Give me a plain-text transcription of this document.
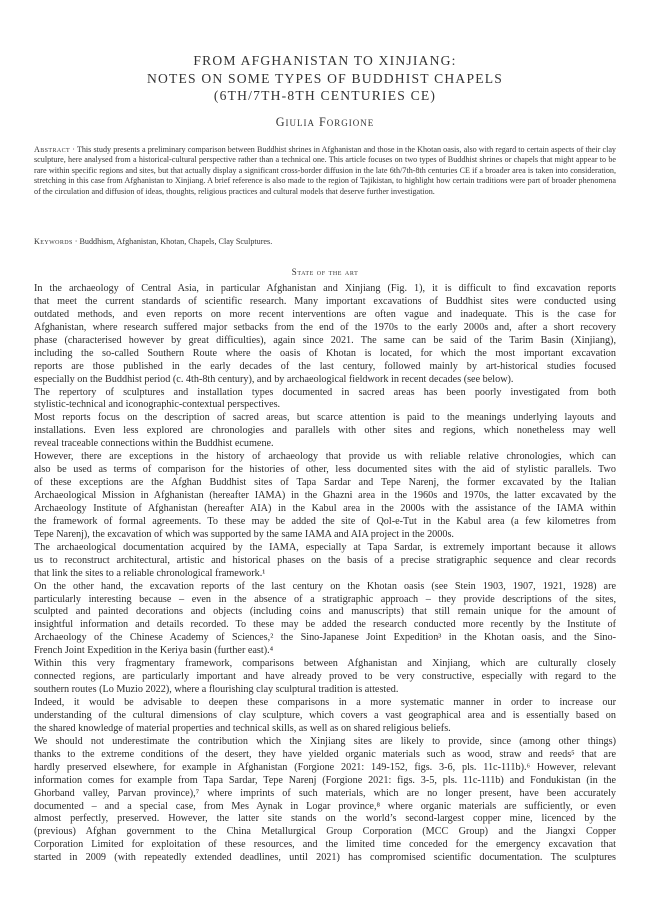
FROM AFGHANISTAN TO XINJIANG:
NOTES ON SOME TYPES OF BUDDHIST CHAPELS
(6TH/7TH-8TH CENTURIES CE)
Giulia Forgione
Abstract · This study presents a preliminary comparison between Buddhist shrines in Afghanistan and those in the Khotan oasis, also with regard to certain aspects of their clay sculpture, here analysed from a historical-cultural perspective rather than a technical one. This article focuses on two types of Buddhist shrines or chapels that might appear to be rare within specific regions and sites, but that actually display a significant cross-border diffusion in the late 6th/7th-8th centuries CE if a broader area is taken into consideration, stretching in this case from Afghanistan to Xinjiang. A brief reference is also made to the region of Tajikistan, to highlight how certain traditions were part of broader phenomena of the circulation and diffusion of ideas, thoughts, religious practices and cultural models that deserve further investigation.
Keywords · Buddhism, Afghanistan, Khotan, Chapels, Clay Sculptures.
State of the art
In the archaeology of Central Asia, in particular Afghanistan and Xinjiang (Fig. 1), it is difficult to find excavation reports
that meet the current standards of scientific research. Many important excavations of Buddhist sites were conducted using
outdated methods, and even reports on more recent interventions are often vague and inadequate. This is the case for
Afghanistan, where research suffered major setbacks from the end of the 1970s to the early 2000s and, after a short recovery
phase (characterised however by great difficulties), again since 2021. The same can be said of the Tarim Basin (Xinjiang),
including the so-called Southern Route where the oasis of Khotan is located, for which the most important excavation
reports are those published in the early decades of the last century, followed mainly by art-historical studies focused
especially on the Buddhist period (c. 4th-8th century), and by archaeological fieldwork in recent decades (see below).
The repertory of sculptures and installation types documented in sacred areas has been poorly investigated from both
stylistic-technical and iconographic-contextual perspectives.
Most reports focus on the description of sacred areas, but scarce attention is paid to the meanings underlying layouts and
installations. Even less explored are chronologies and parallels with other sites and regions, which nonetheless may well
reveal traceable connections within the Buddhist ecumene.
However, there are exceptions in the history of archaeology that provide us with reliable relative chronologies, which can
also be used as terms of comparison for the histories of other, less documented sites with the aid of stylistic parallels. Two
of these exceptions are the Afghan Buddhist sites of Tapa Sardar and Tepe Narenj, the former excavated by the Italian
Archaeological Mission in Afghanistan (hereafter IAMA) in the Ghazni area in the 1960s and 1970s, the latter excavated by the
Archaeology Institute of Afghanistan (hereafter AIA) in the Kabul area in the 2000s with the assistance of the IAMA within
the framework of formal agreements. To these may be added the site of Qol-e-Tut in the Kabul area (a few kilometres from
Tepe Narenj), the excavation of which was supported by the same IAMA and AIA project in the 2000s.
The archaeological documentation acquired by the IAMA, especially at Tapa Sardar, is extremely important because it allows
us to reconstruct architectural, artistic and historical phases on the basis of a precise stratigraphic sequence and clear records
that link the sites to a reliable chronological framework.¹
On the other hand, the excavation reports of the last century on the Khotan oasis (see Stein 1903, 1907, 1921, 1928) are
particularly interesting because – even in the absence of a stratigraphic approach – they provide descriptions of the sites,
sculpted and painted decorations and objects (including coins and manuscripts) that still remain unique for the amount of
insightful information and details recorded. To these may be added the research conducted more recently by the Institute of
Archaeology of the Chinese Academy of Sciences,² the Sino-Japanese Joint Expedition³ in the Khotan oasis, and the Sino-
French Joint Expedition in the Keriya basin (further east).⁴
Within this very fragmentary framework, comparisons between Afghanistan and Xinjiang, which are culturally closely
connected regions, are particularly important and have already proved to be very constructive, especially with regard to the
southern routes (Lo Muzio 2022), where a flourishing clay sculptural tradition is attested.
Indeed, it would be advisable to deepen these comparisons in a more systematic manner in order to increase our
understanding of the cultural dimensions of clay sculpture, which covers a vast geographical area and is essentially based on
the shared knowledge of material properties and technical skills, as well as on shared religious beliefs.
We should not underestimate the contribution which the Xinjiang sites are likely to provide, since (among other things)
thanks to the extreme conditions of the desert, they have yielded organic materials such as wood, straw and reeds⁵ that are
hardly preserved elsewhere, for example in Afghanistan (Forgione 2021: 149-152, figs. 3-6, pls. 11c-111b).⁶ However, relevant
information comes for example from Tapa Sardar, Tepe Narenj (Forgione 2021: figs. 3-5, pls. 11c-111b) and Fondukistan (in the
Ghorband valley, Parvan province),⁷ where imprints of such materials, which are no longer present, have been accurately
documented – and a special case, from Mes Aynak in Logar province,⁸ where organic materials are sufficiently, or even
almost perfectly, preserved. However, the latter site stands on the world’s second-largest copper mine, licenced by the
(previous) Afghan government to the China Metallurgical Group Corporation (MCC Group) and the Jiangxi Copper
Corporation Limited for exploitation of these resources, and the limited time conceded for the emergency excavation that
started in 2009 (with repeatedly extended deadlines, until 2021) has compromised scientific documentation. The sculptures
